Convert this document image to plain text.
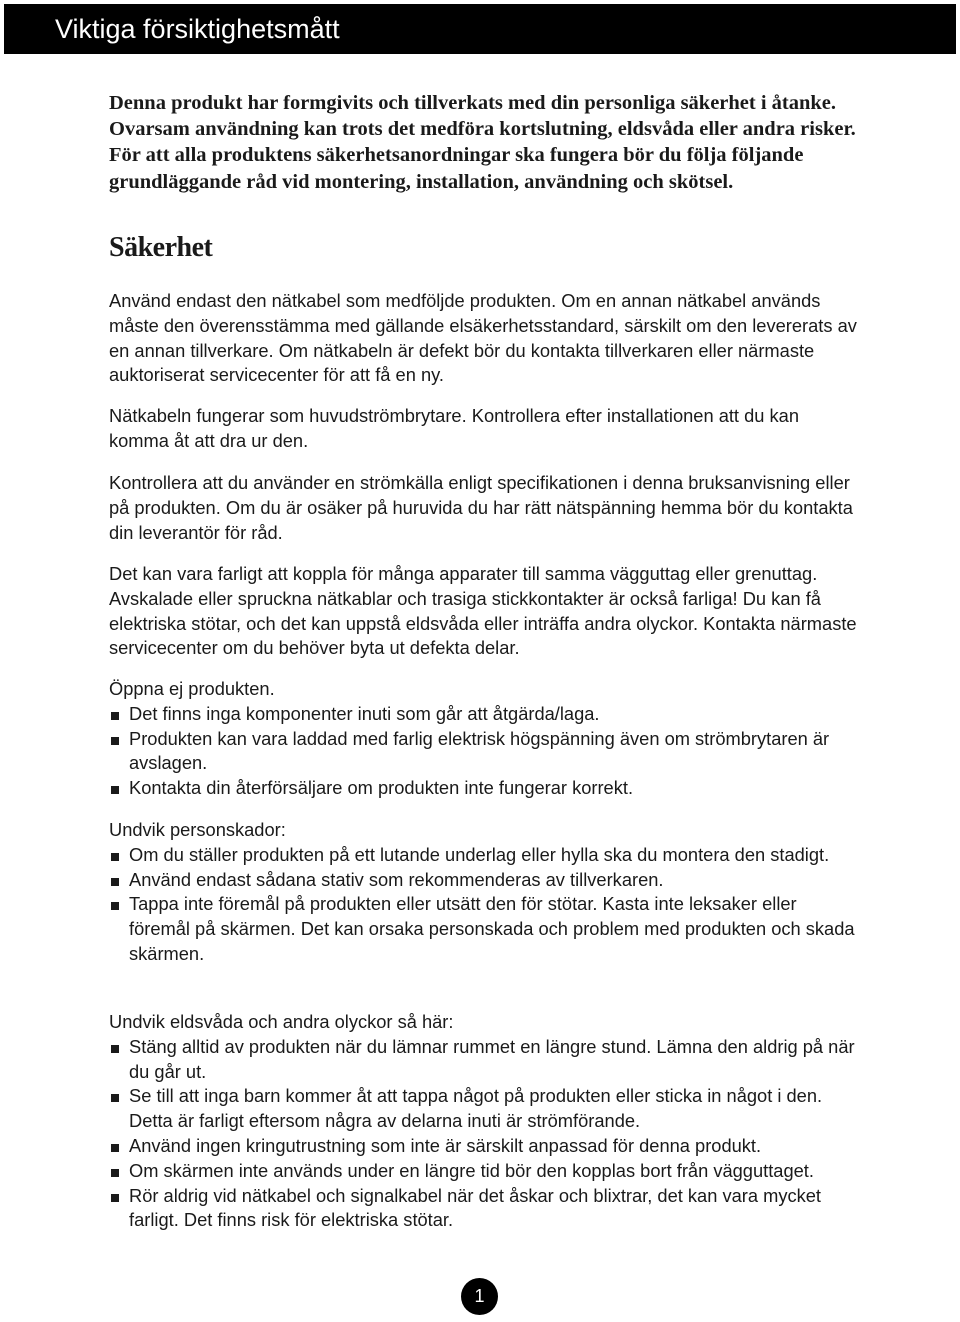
Viktiga försiktighetsmått

Denna produkt har formgivits och tillverkats med din personliga säkerhet i åtanke. Ovarsam användning kan trots det medföra kortslutning, eldsvåda eller andra risker. För att alla produktens säkerhetsanordningar ska fungera bör du följa följande grundläggande råd vid montering, installation, användning och skötsel.

Säkerhet

Använd endast den nätkabel som medföljde produkten. Om en annan nätkabel används måste den överensstämma med gällande elsäkerhetsstandard, särskilt om den levererats av en annan tillverkare. Om nätkabeln är defekt bör du kontakta tillverkaren eller närmaste auktoriserat servicecenter för att få en ny.

Nätkabeln fungerar som huvudströmbrytare. Kontrollera efter installationen att du kan komma åt att dra ur den.

Kontrollera att du använder en strömkälla enligt specifikationen i denna bruksanvisning eller på produkten. Om du är osäker på huruvida du har rätt nätspänning hemma bör du kontakta din leverantör för råd.

Det kan vara farligt att koppla för många apparater till samma vägguttag eller grenuttag. Avskalade eller spruckna nätkablar och trasiga stickkontakter är också farliga! Du kan få elektriska stötar, och det kan uppstå eldsvåda eller inträffa andra olyckor. Kontakta närmaste servicecenter om du behöver byta ut defekta delar.

Öppna ej produkten.
Det finns inga komponenter inuti som går att åtgärda/laga.
Produkten kan vara laddad med farlig elektrisk högspänning även om strömbrytaren är avslagen.
Kontakta din återförsäljare om produkten inte fungerar korrekt.
Undvik personskador:
Om du ställer produkten på ett lutande underlag eller hylla ska du montera den stadigt.
Använd endast sådana stativ som rekommenderas av tillverkaren.
Tappa inte föremål på produkten eller utsätt den för stötar. Kasta inte leksaker eller föremål på skärmen. Det kan orsaka personskada och problem med produkten och skada skärmen.
Undvik eldsvåda och andra olyckor så här:
Stäng alltid av produkten när du lämnar rummet en längre stund. Lämna den aldrig på när du går ut.
Se till att inga barn kommer åt att tappa något på produkten eller sticka in något i den. Detta är farligt eftersom några av delarna inuti är strömförande.
Använd ingen kringutrustning som inte är särskilt anpassad för denna produkt.
Om skärmen inte används under en längre tid bör den kopplas bort från vägguttaget.
Rör aldrig vid nätkabel och signalkabel när det åskar och blixtrar, det kan vara mycket farligt. Det finns risk för elektriska stötar.
1
